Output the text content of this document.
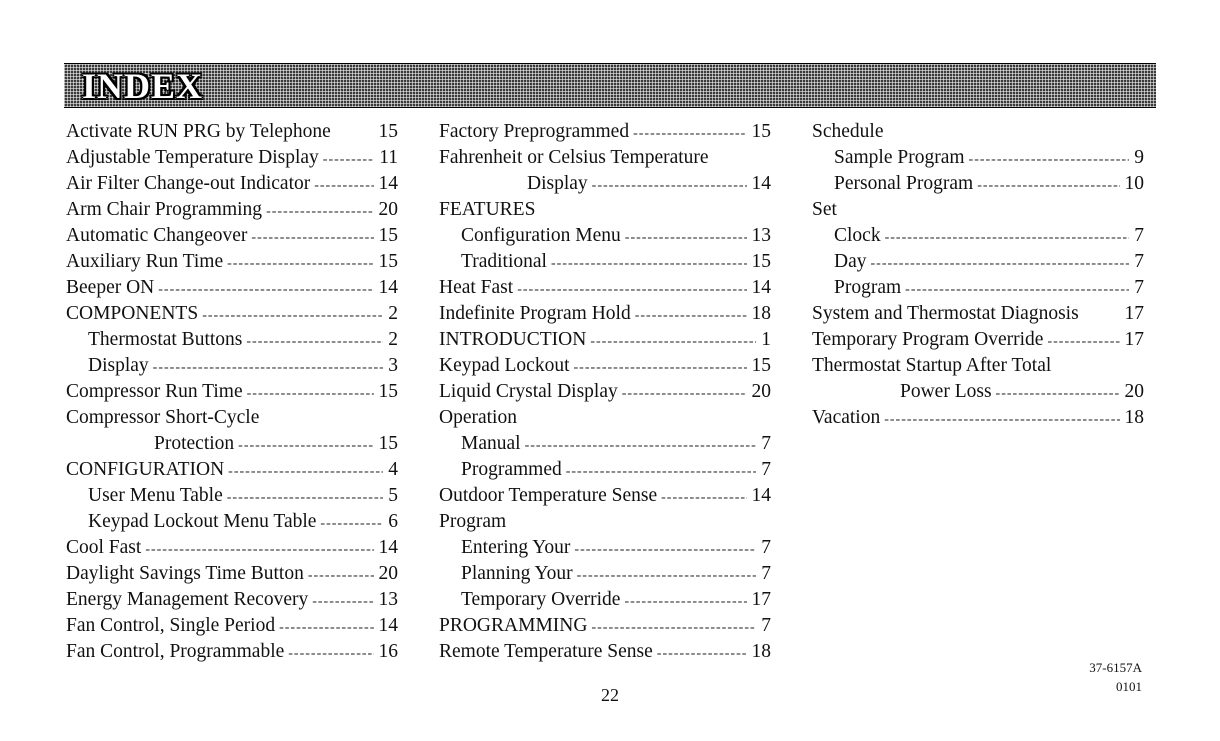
INDEX
Activate RUN PRG by Telephone 15
Adjustable Temperature Display -----	11
Air Filter Change-out Indicator -----	14
Arm Chair Programming -----	20
Automatic Changeover -----	15
Auxiliary Run Time -----	15
Beeper ON -----	14
COMPONENTS -----	2
Thermostat Buttons -----	2
Display -----	3
Compressor Run Time -----	15
Compressor Short-Cycle
Protection -----	15
CONFIGURATION -----	4
User Menu Table -----	5
Keypad Lockout Menu Table -----	6
Cool Fast -----	14
Daylight Savings Time Button -----	20
Energy Management Recovery -----	13
Fan Control, Single Period -----	14
Fan Control, Programmable -----	16
Factory Preprogrammed -----	15
Fahrenheit or Celsius Temperature
Display -----	14
FEATURES
Configuration Menu -----	13
Traditional -----	15
Heat Fast -----	14
Indefinite Program Hold -----	18
INTRODUCTION -----	1
Keypad Lockout -----	15
Liquid Crystal Display -----	20
Operation
Manual -----	7
Programmed -----	7
Outdoor Temperature Sense -----	14
Program
Entering Your -----	7
Planning Your -----	7
Temporary Override -----	17
PROGRAMMING -----	7
Remote Temperature Sense -----	18
Schedule
Sample Program -----	9
Personal Program -----	10
Set
Clock -----	7
Day -----	7
Program -----	7
System and Thermostat Diagnosis 17
Temporary Program Override -----	17
Thermostat Startup After Total
Power Loss -----	20
Vacation -----	18
22
37-6157A
0101
